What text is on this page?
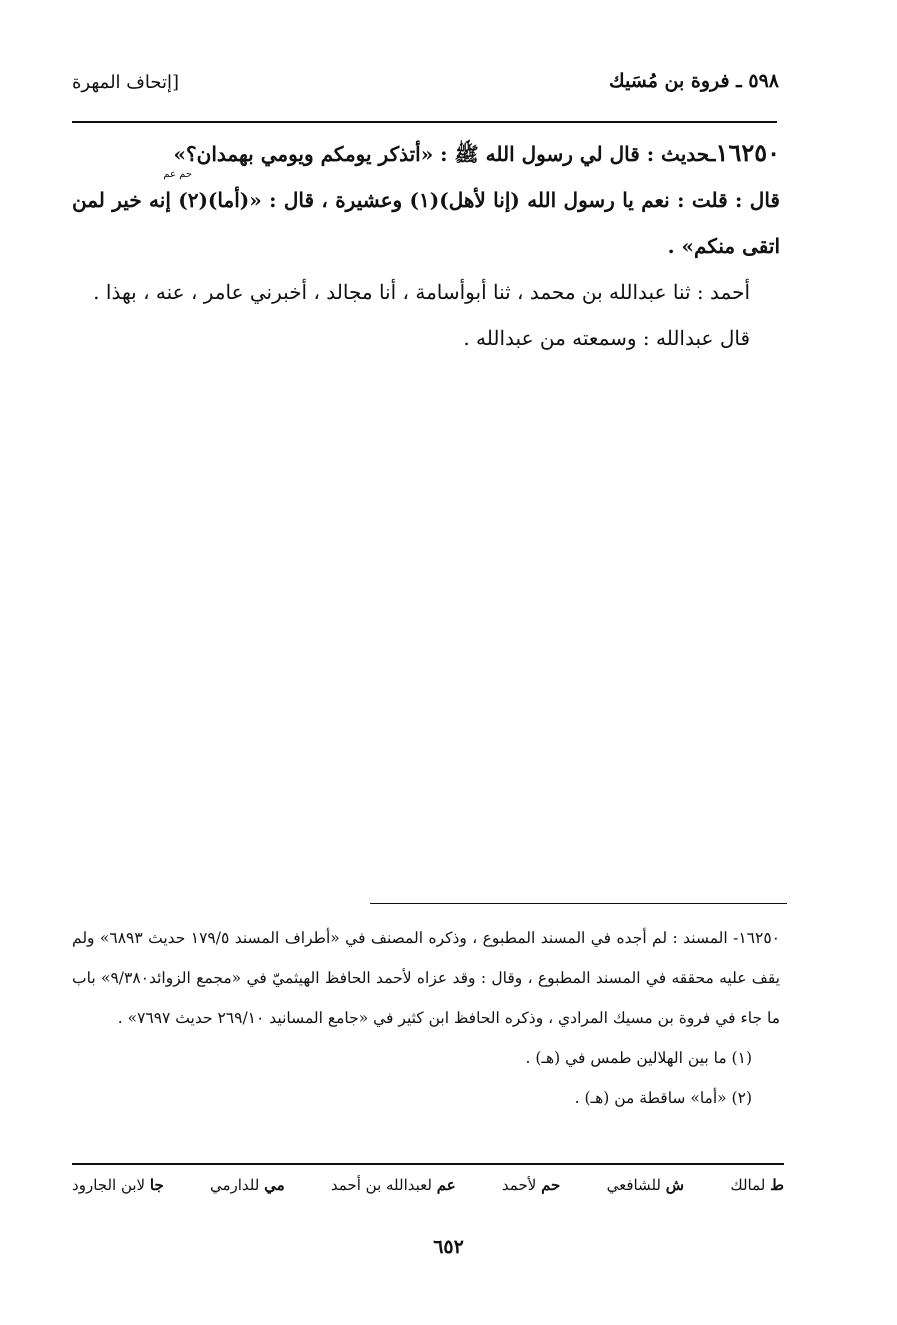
٥٩٨ ـ فروة بن مُسَيك
[إتحاف المهرة
حم عم

١٦٢٥٠ـحديث : قال لي رسول الله ﷺ : «أتذكر يومكم ويومي بهمدان؟»

قال : قلت : نعم يا رسول الله (إنا لأهل)(١) وعشيرة ، قال : «(أما)(٢) إنه خير لمن اتقى منكم» .

أحمد : ثنا عبدالله بن محمد ، ثنا أبوأسامة ، أنا مجالد ، أخبرني عامر ، عنه ، بهذا .

قال عبدالله : وسمعته من عبدالله .

١٦٢٥٠- المسند : لم أجده في المسند المطبوع ، وذكره المصنف في «أطراف المسند ١٧٩/٥ حديث ٦٨٩٣» ولم يقف عليه محققه في المسند المطبوع ، وقال : وقد عزاه لأحمد الحافظ الهيثميّ في «مجمع الزوائد٩/٣٨٠» باب ما جاء في فروة بن مسيك المرادي ، وذكره الحافظ ابن كثير في «جامع المسانيد ٢٦٩/١٠ حديث ٧٦٩٧» .

(١) ما بين الهلالين طمس في (هـ) .

(٢) «أما» ساقطة من (هـ) .

ط لمالك
ش للشافعي
حم لأحمد
عم لعبدالله بن أحمد
مي للدارمي
جا لابن الجارود
٦٥٢
